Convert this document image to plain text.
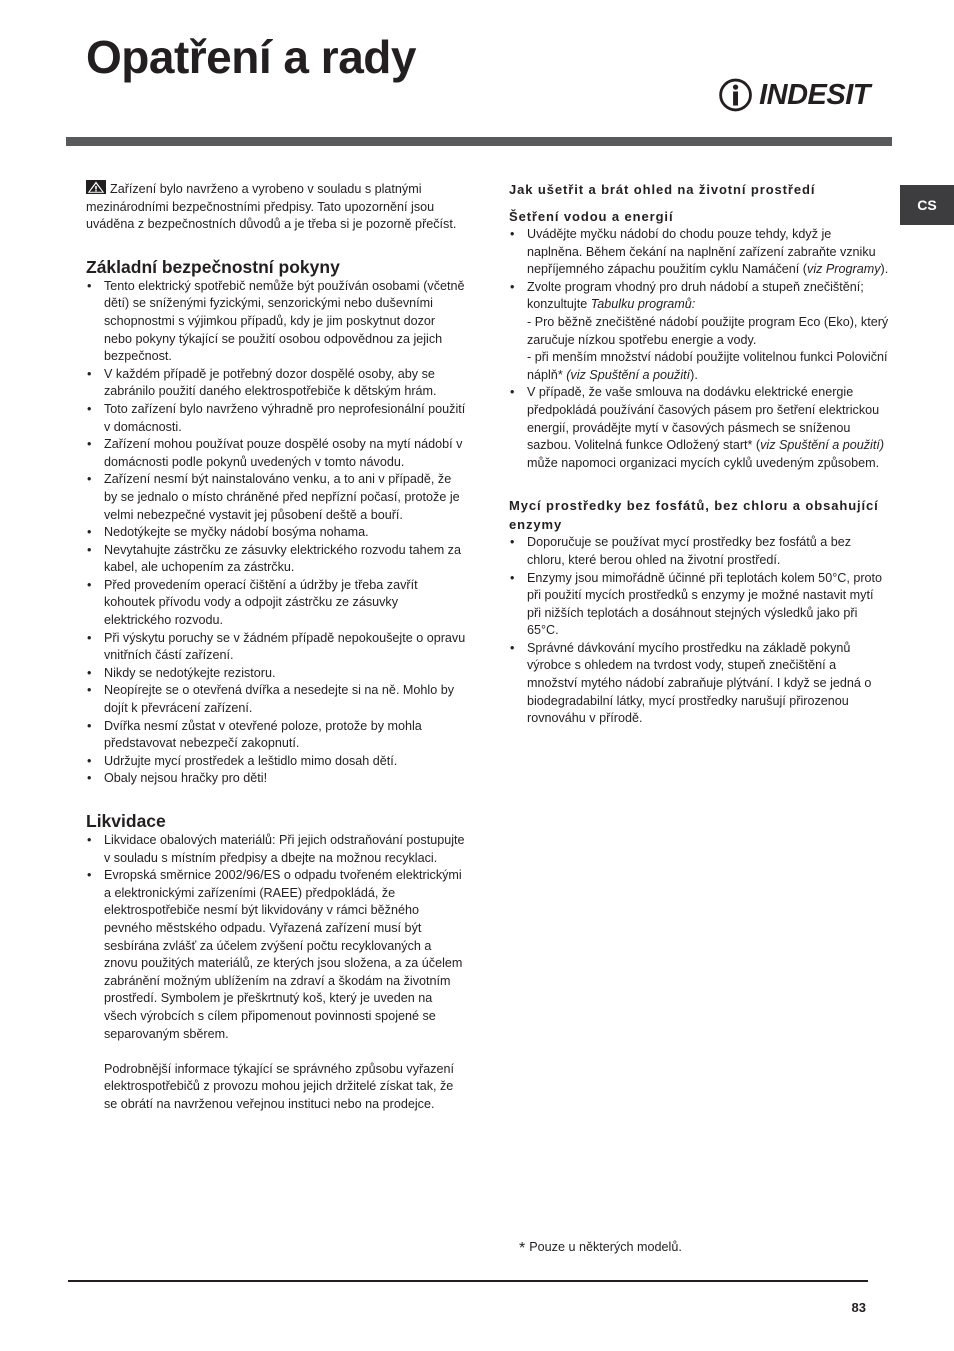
Opatření a rady
INDESIT
CS

Zařízení bylo navrženo a vyrobeno v souladu s platnými mezinárodními bezpečnostními předpisy. Tato upozornění jsou uváděna z bezpečnostních důvodů a je třeba si je pozorně přečíst.

Základní bezpečnostní pokyny
• Tento elektrický spotřebič nemůže být používán osobami (včetně dětí) se sníženými fyzickými, senzorickými nebo duševními schopnostmi s výjimkou případů, kdy je jim poskytnut dozor nebo pokyny týkající se použití osobou odpovědnou za jejich bezpečnost.
• V každém případě je potřebný dozor dospělé osoby, aby se zabránilo použití daného elektrospotřebiče k dětským hrám.
• Toto zařízení bylo navrženo výhradně pro neprofesionální použití v domácnosti.
• Zařízení mohou používat pouze dospělé osoby na mytí nádobí v domácnosti podle pokynů uvedených v tomto návodu.
• Zařízení nesmí být nainstalováno venku, a to ani v případě, že by se jednalo o místo chráněné před nepřízní počasí, protože je velmi nebezpečné vystavit jej působení deště a bouří.
• Nedotýkejte se myčky nádobí bosýma nohama.
• Nevytahujte zástrčku ze zásuvky elektrického rozvodu tahem za kabel, ale uchopením za zástrčku.
• Před provedením operací čištění a údržby je třeba zavřít kohoutek přívodu vody a odpojit zástrčku ze zásuvky elektrického rozvodu.
• Při výskytu poruchy se v žádném případě nepokoušejte o opravu vnitřních částí zařízení.
• Nikdy se nedotýkejte rezistoru.
• Neopírejte se o otevřená dvířka a nesedejte si na ně. Mohlo by dojít k převrácení zařízení.
• Dvířka nesmí zůstat v otevřené poloze, protože by mohla představovat nebezpečí zakopnutí.
• Udržujte mycí prostředek a leštidlo mimo dosah dětí.
• Obaly nejsou hračky pro děti!
Likvidace
• Likvidace obalových materiálů: Při jejich odstraňování postupujte v souladu s místním předpisy a dbejte na možnou recyklaci.
• Evropská směrnice 2002/96/ES o odpadu tvořeném elektrickými a elektronickými zařízeními (RAEE) předpokládá, že elektrospotřebiče nesmí být likvidovány v rámci běžného pevného městského odpadu. Vyřazená zařízení musí být sesbírána zvlášť za účelem zvýšení počtu recyklovaných a znovu použitých materiálů, ze kterých jsou složena, a za účelem zabránění možným ublížením na zdraví a škodám na životním prostředí. Symbolem je přeškrtnutý koš, který je uveden na všech výrobcích s cílem připomenout povinnosti spojené se separovaným sběrem.

Podrobnější informace týkající se správného způsobu vyřazení elektrospotřebičů z provozu mohou jejich držitelé získat tak, že se obrátí na navrženou veřejnou instituci nebo na prodejce.

Jak ušetřit a brát ohled na životní prostředí
Šetření vodou a energií
• Uvádějte myčku nádobí do chodu pouze tehdy, když je naplněna. Během čekání na naplnění zařízení zabraňte vzniku nepříjemného zápachu použitím cyklu Namáčení (viz Programy).
• Zvolte program vhodný pro druh nádobí a stupeň znečištění; konzultujte Tabulku programů:
- Pro běžně znečištěné nádobí použijte program Eco (Eko), který zaručuje nízkou spotřebu energie a vody.
- při menším množství nádobí použijte volitelnou funkci Poloviční náplň* (viz Spuštění a použití).
• V případě, že vaše smlouva na dodávku elektrické energie předpokládá používání časových pásem pro šetření elektrickou energií, provádějte mytí v časových pásmech se sníženou sazbou. Volitelná funkce Odložený start* (viz Spuštění a použití) může napomoci organizaci mycích cyklů uvedeným způsobem.
Mycí prostředky bez fosfátů, bez chloru a obsahující enzymy
• Doporučuje se používat mycí prostředky bez fosfátů a bez chloru, které berou ohled na životní prostředí.
• Enzymy jsou mimořádně účinné při teplotách kolem 50°C, proto při použití mycích prostředků s enzymy je možné nastavit mytí při nižších teplotách a dosáhnout stejných výsledků jako při 65°C.
• Správné dávkování mycího prostředku na základě pokynů výrobce s ohledem na tvrdost vody, stupeň znečištění a množství mytého nádobí zabraňuje plýtvání. I když se jedná o biodegradabilní látky, mycí prostředky narušují přirozenou rovnováhu v přírodě.
* Pouze u některých modelů.
83
